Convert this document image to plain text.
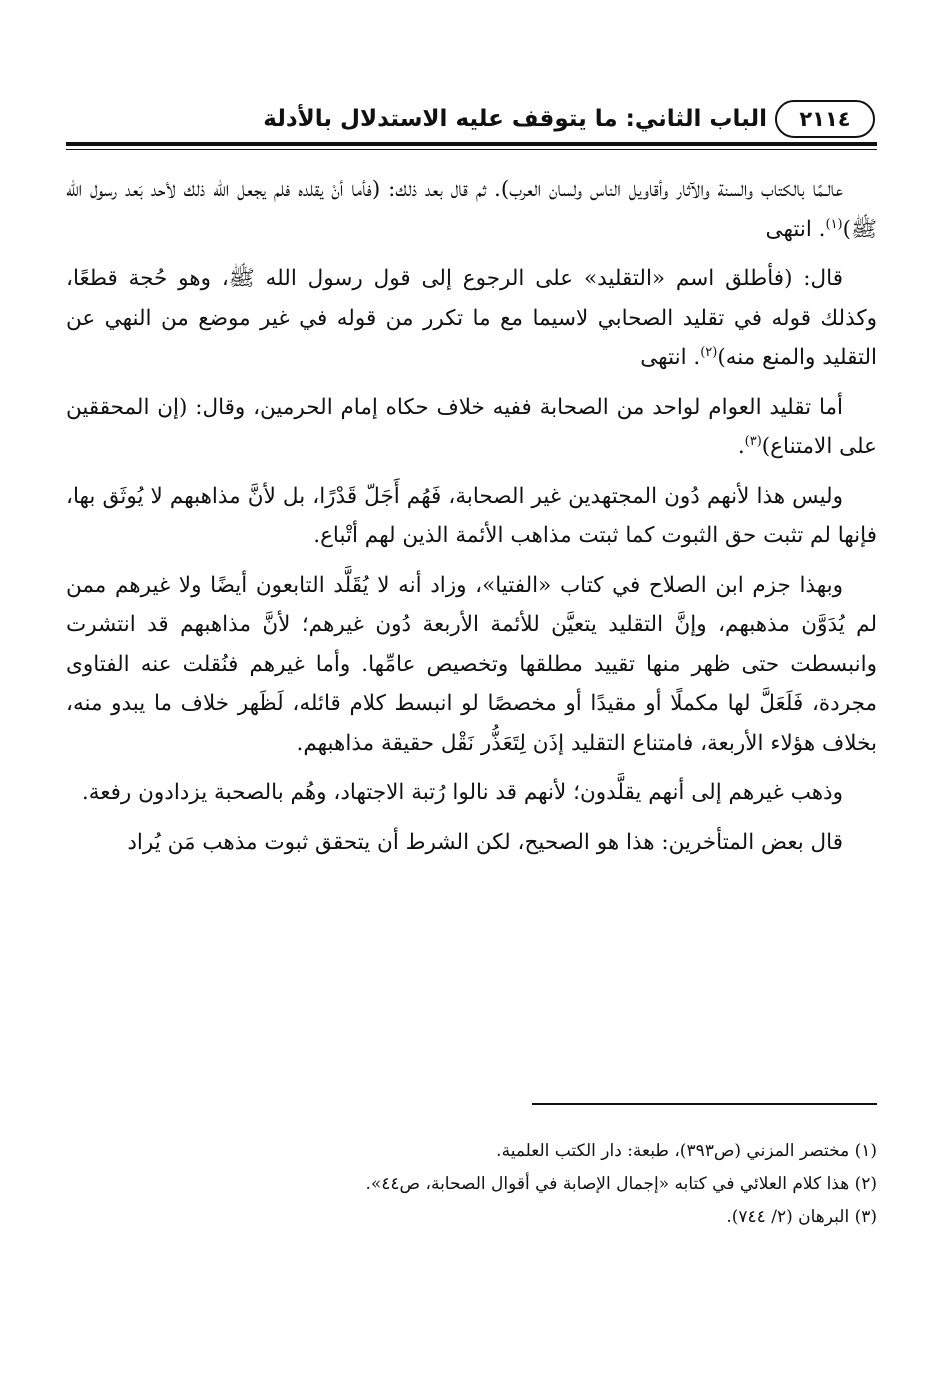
٢١١٤
الباب الثاني: ما يتوقف عليه الاستدلال بالأدلة

عالـمًا بالكتاب والسنة والآثار وأقاويل الناس ولسان العرب). ثم قال بعد ذلك: (فأما أنْ يقلده فلم يجعل الله ذلك لأحد بَعد رسول الله ﷺ)$^{(١)}$. انتهى

قال: (فأطلق اسم «التقليد» على الرجوع إلى قول رسول الله ﷺ، وهو حُجة قطعًا، وكذلك قوله في تقليد الصحابي لاسيما مع ما تكرر من قوله في غير موضع من النهي عن التقليد والمنع منه)$^{(٢)}$. انتهى

أما تقليد العوام لواحد من الصحابة ففيه خلاف حكاه إمام الحرمين، وقال: (إن المحققين على الامتناع)$^{(٣)}$.

وليس هذا لأنهم دُون المجتهدين غير الصحابة، فَهُم أَجَلّ قَدْرًا، بل لأنَّ مذاهبهم لا يُوثَق بها، فإنها لم تثبت حق الثبوت كما ثبتت مذاهب الأئمة الذين لهم أتْباع.

وبهذا جزم ابن الصلاح في كتاب «الفتيا»، وزاد أنه لا يُقَلَّد التابعون أيضًا ولا غيرهم ممن لم يُدَوَّن مذهبهم، وإنَّ التقليد يتعيَّن للأئمة الأربعة دُون غيرهم؛ لأنَّ مذاهبهم قد انتشرت وانبسطت حتى ظهر منها تقييد مطلقها وتخصيص عامِّها. وأما غيرهم فنُقلت عنه الفتاوى مجردة، فَلَعَلَّ لها مكملًا أو مقيدًا أو مخصصًا لو انبسط كلام قائله، لَظَهر خلاف ما يبدو منه، بخلاف هؤلاء الأربعة، فامتناع التقليد إذَن لِتَعَذُّر نَقْل حقيقة مذاهبهم.

وذهب غيرهم إلى أنهم يقلَّدون؛ لأنهم قد نالوا رُتبة الاجتهاد، وهُم بالصحبة يزدادون رفعة.

قال بعض المتأخرين: هذا هو الصحيح، لكن الشرط أن يتحقق ثبوت مذهب مَن يُراد

(١) مختصر المزني (ص٣٩٣)، طبعة: دار الكتب العلمية.
(٢) هذا كلام العلائي في كتابه «إجمال الإصابة في أقوال الصحابة، ص٤٤».
(٣) البرهان (٢/ ٧٤٤).
